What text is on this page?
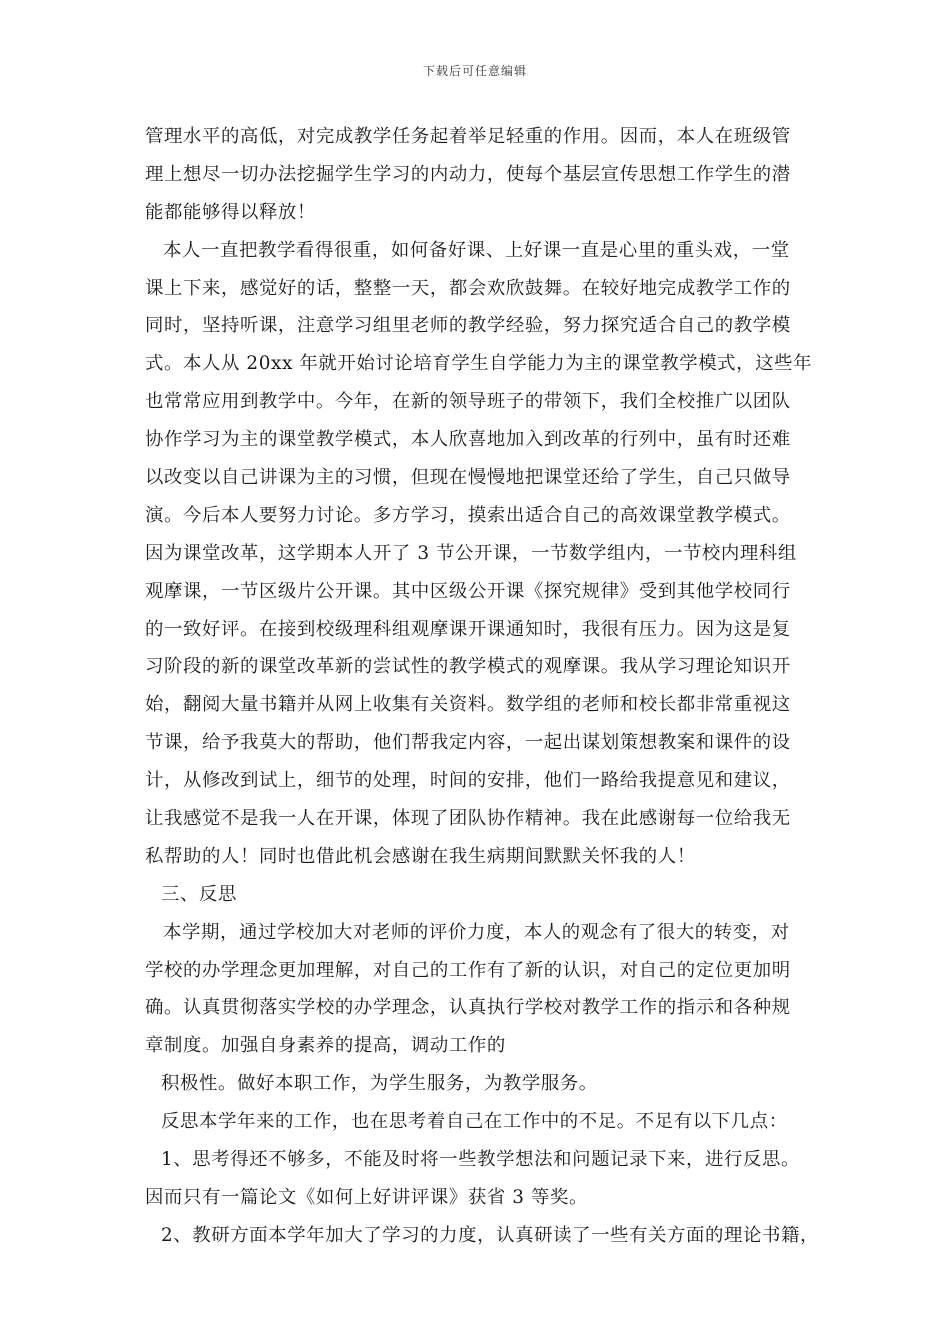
下载后可任意编辑
管理水平的高低，对完成教学任务起着举足轻重的作用。因而，本人在班级管
理上想尽一切办法挖掘学生学习的内动力，使每个基层宣传思想工作学生的潜
能都能够得以释放！
本人一直把教学看得很重，如何备好课、上好课一直是心里的重头戏，一堂
课上下来，感觉好的话，整整一天，都会欢欣鼓舞。在较好地完成教学工作的
同时，坚持听课，注意学习组里老师的教学经验，努力探究适合自己的教学模
式。本人从 20xx 年就开始讨论培育学生自学能力为主的课堂教学模式，这些年
也常常应用到教学中。今年，在新的领导班子的带领下，我们全校推广以团队
协作学习为主的课堂教学模式，本人欣喜地加入到改革的行列中，虽有时还难
以改变以自己讲课为主的习惯，但现在慢慢地把课堂还给了学生，自己只做导
演。今后本人要努力讨论。多方学习，摸索出适合自己的高效课堂教学模式。
因为课堂改革，这学期本人开了 3 节公开课，一节数学组内，一节校内理科组
观摩课，一节区级片公开课。其中区级公开课《探究规律》受到其他学校同行
的一致好评。在接到校级理科组观摩课开课通知时，我很有压力。因为这是复
习阶段的新的课堂改革新的尝试性的教学模式的观摩课。我从学习理论知识开
始，翻阅大量书籍并从网上收集有关资料。数学组的老师和校长都非常重视这
节课，给予我莫大的帮助，他们帮我定内容，一起出谋划策想教案和课件的设
计，从修改到试上，细节的处理，时间的安排，他们一路给我提意见和建议，
让我感觉不是我一人在开课，体现了团队协作精神。我在此感谢每一位给我无
私帮助的人！同时也借此机会感谢在我生病期间默默关怀我的人！
三、反思
本学期，通过学校加大对老师的评价力度，本人的观念有了很大的转变，对
学校的办学理念更加理解，对自己的工作有了新的认识，对自己的定位更加明
确。认真贯彻落实学校的办学理念，认真执行学校对教学工作的指示和各种规
章制度。加强自身素养的提高，调动工作的
积极性。做好本职工作，为学生服务，为教学服务。
反思本学年来的工作，也在思考着自己在工作中的不足。不足有以下几点：
1、思考得还不够多，不能及时将一些教学想法和问题记录下来，进行反思。
因而只有一篇论文《如何上好讲评课》获省 3 等奖。
2、教研方面本学年加大了学习的力度，认真研读了一些有关方面的理论书籍，
